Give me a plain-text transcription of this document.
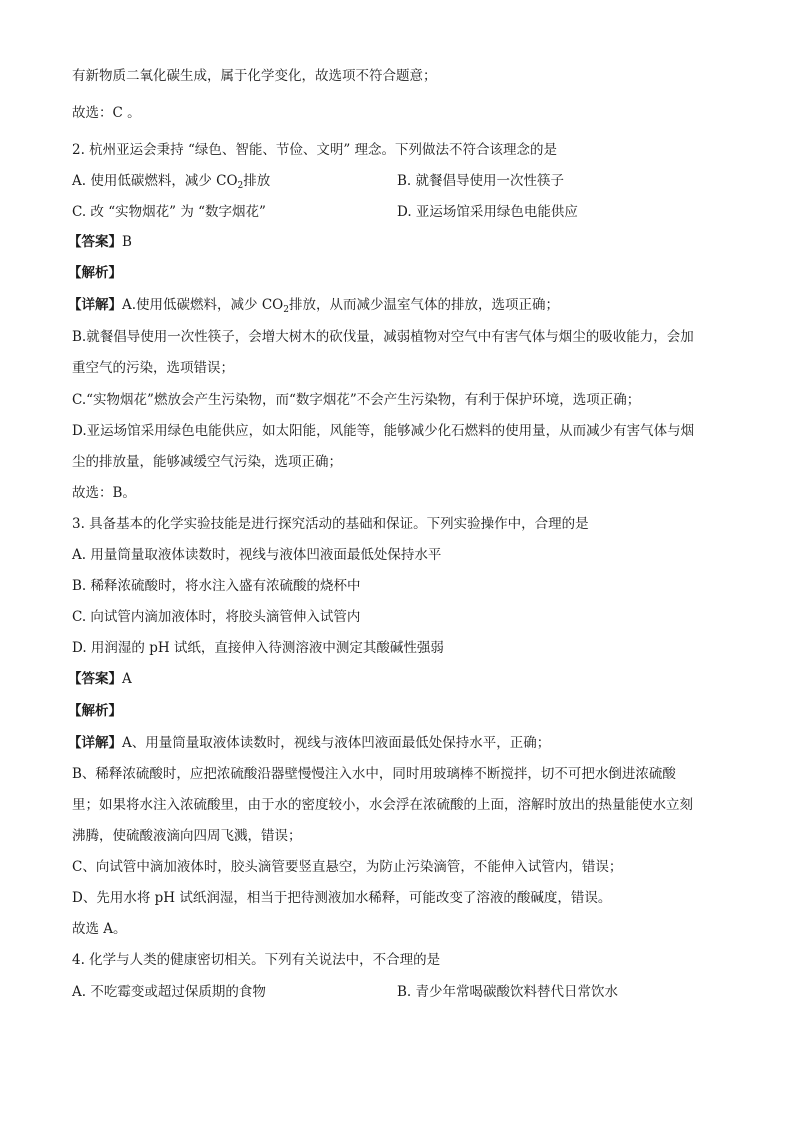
有新物质二氧化碳生成，属于化学变化，故选项不符合题意；
故选：C 。
2. 杭州亚运会秉持 “绿色、智能、节俭、文明” 理念。下列做法不符合该理念的是
A. 使用低碳燃料，减少 $CO_2$排放	B. 就餐倡导使用一次性筷子
C. 改 “实物烟花” 为 “数字烟花”	D. 亚运场馆采用绿色电能供应
【答案】B
【解析】
【详解】A.使用低碳燃料，减少 $CO_2$排放，从而减少温室气体的排放，选项正确；
B.就餐倡导使用一次性筷子，会增大树木的砍伐量，减弱植物对空气中有害气体与烟尘的吸收能力，会加
重空气的污染，选项错误；
C.“实物烟花”燃放会产生污染物，而“数字烟花”不会产生污染物，有利于保护环境，选项正确；
D.亚运场馆采用绿色电能供应，如太阳能，风能等，能够减少化石燃料的使用量，从而减少有害气体与烟
尘的排放量，能够减缓空气污染，选项正确；
故选：B。
3. 具备基本的化学实验技能是进行探究活动的基础和保证。下列实验操作中，合理的是
A. 用量筒量取液体读数时，视线与液体凹液面最低处保持水平
B. 稀释浓硫酸时，将水注入盛有浓硫酸的烧杯中
C. 向试管内滴加液体时，将胶头滴管伸入试管内
D. 用润湿的 pH 试纸，直接伸入待测溶液中测定其酸碱性强弱
【答案】A
【解析】
【详解】A、用量筒量取液体读数时，视线与液体凹液面最低处保持水平，正确；
B、稀释浓硫酸时，应把浓硫酸沿器壁慢慢注入水中，同时用玻璃棒不断搅拌，切不可把水倒进浓硫酸
里；如果将水注入浓硫酸里，由于水的密度较小，水会浮在浓硫酸的上面，溶解时放出的热量能使水立刻
沸腾，使硫酸液滴向四周飞溅，错误；
C、向试管中滴加液体时，胶头滴管要竖直悬空，为防止污染滴管，不能伸入试管内，错误；
D、先用水将 pH 试纸润湿，相当于把待测液加水稀释，可能改变了溶液的酸碱度，错误。
故选 A。
4. 化学与人类的健康密切相关。下列有关说法中，不合理的是
A. 不吃霉变或超过保质期的食物	B. 青少年常喝碳酸饮料替代日常饮水
